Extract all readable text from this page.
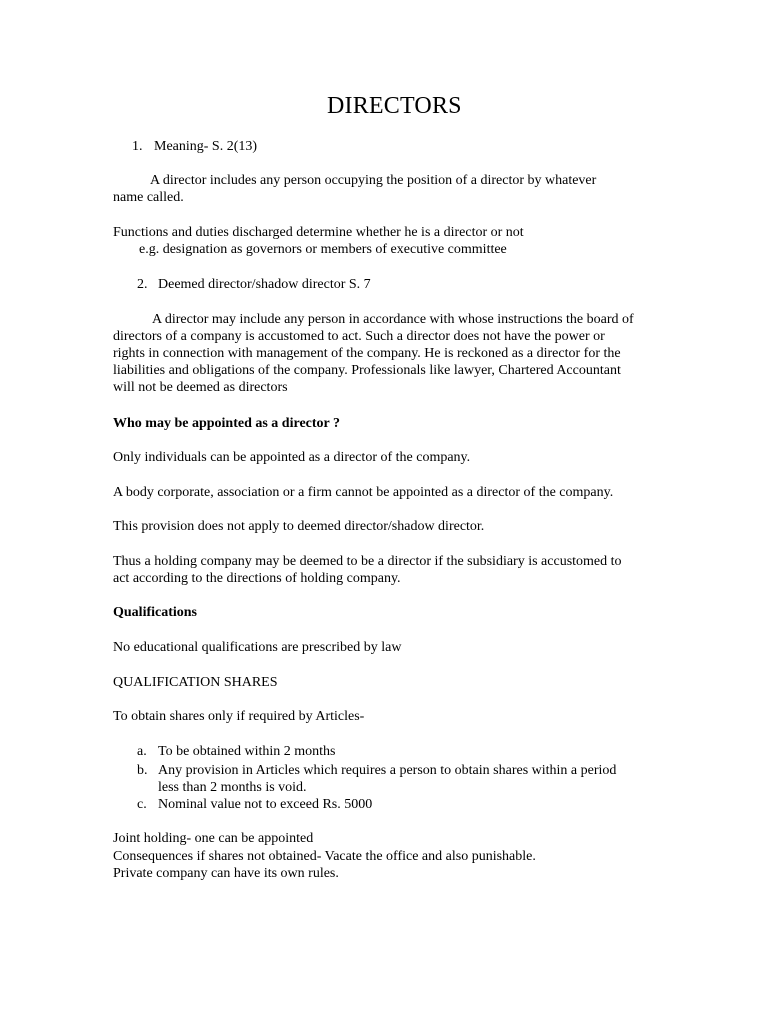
DIRECTORS
1. Meaning- S. 2(13)
A director includes any person occupying the position of a director by whatever
name called.
Functions and duties discharged determine whether he is a director or not
e.g. designation as governors or members of executive committee
2. Deemed director/shadow director S. 7
A director may include any person in accordance with whose instructions the board of
directors of a company is accustomed to act. Such a director does not have the power or
rights in connection with management of the company. He is reckoned as a director for the
liabilities and obligations of the company. Professionals like lawyer, Chartered Accountant
will not be deemed as directors
Who may be appointed as a director ?
Only individuals can be appointed as a director of the company.
A body corporate, association or a firm cannot be appointed as a director of the company.
This provision does not apply to deemed director/shadow director.
Thus a holding company may be deemed to be a director if the subsidiary is accustomed to
act according to the directions of holding company.
Qualifications
No educational qualifications are prescribed by law
QUALIFICATION SHARES
To obtain shares only if required by Articles-
a. To be obtained within 2 months
b. Any provision in Articles which requires a person to obtain shares within a period
less than 2 months is void.
c. Nominal value not to exceed Rs. 5000
Joint holding- one can be appointed
Consequences if shares not obtained- Vacate the office and also punishable.
Private company can have its own rules.
